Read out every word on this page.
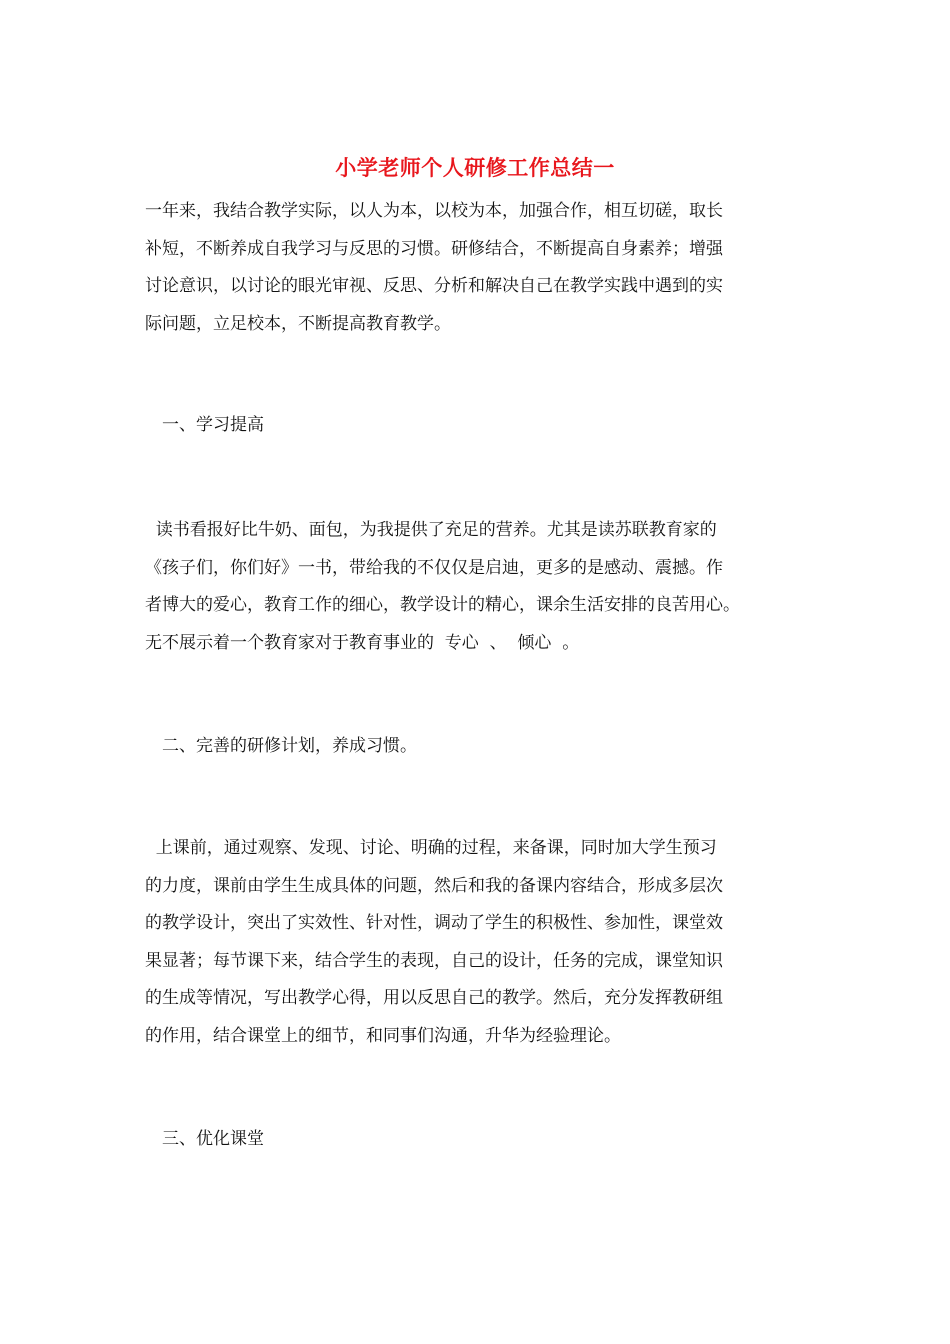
小学老师个人研修工作总结一
一年来，我结合教学实际，以人为本，以校为本，加强合作，相互切磋，取长
补短，不断养成自我学习与反思的习惯。研修结合，不断提高自身素养；增强
讨论意识，以讨论的眼光审视、反思、分析和解决自己在教学实践中遇到的实
际问题，立足校本，不断提高教育教学。
一、学习提高
读书看报好比牛奶、面包，为我提供了充足的营养。尤其是读苏联教育家的
《孩子们，你们好》一书，带给我的不仅仅是启迪，更多的是感动、震撼。作
者博大的爱心，教育工作的细心，教学设计的精心，课余生活安排的良苦用心。
无不展示着一个教育家对于教育事业的  专心  、  倾心  。
二、完善的研修计划，养成习惯。
上课前，通过观察、发现、讨论、明确的过程，来备课，同时加大学生预习
的力度，课前由学生生成具体的问题，然后和我的备课内容结合，形成多层次
的教学设计，突出了实效性、针对性，调动了学生的积极性、参加性，课堂效
果显著；每节课下来，结合学生的表现，自己的设计，任务的完成，课堂知识
的生成等情况，写出教学心得，用以反思自己的教学。然后，充分发挥教研组
的作用，结合课堂上的细节，和同事们沟通，升华为经验理论。
三、优化课堂
